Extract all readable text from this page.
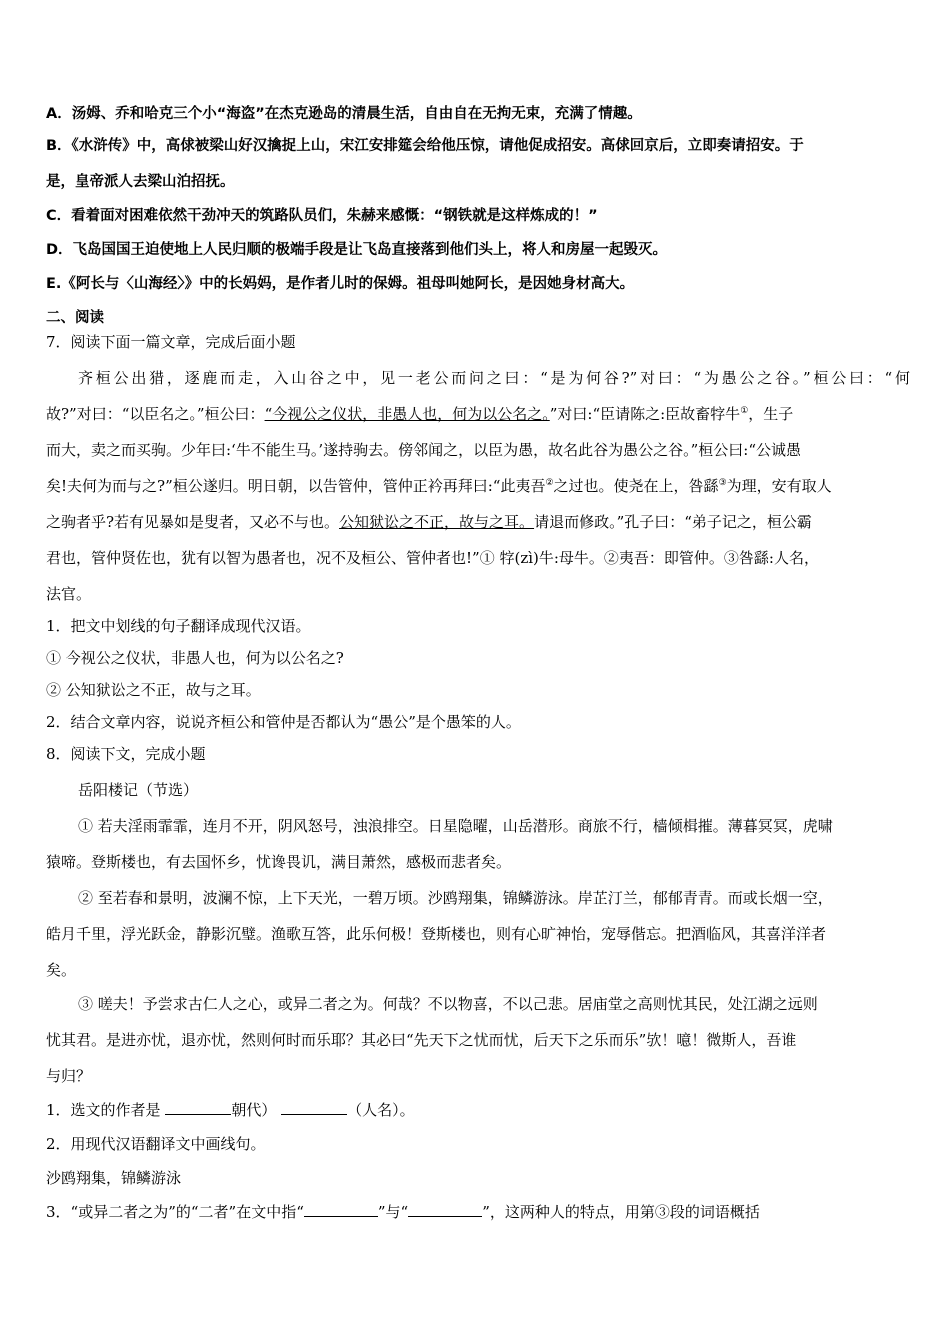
A．汤姆、乔和哈克三个小“海盗”在杰克逊岛的清晨生活，自由自在无拘无束，充满了情趣。
B．《水浒传》中，高俅被梁山好汉擒捉上山，宋江安排筵会给他压惊，请他促成招安。高俅回京后，立即奏请招安。于
是，皇帝派人去梁山泊招抚。
C．看着面对困难依然干劲冲天的筑路队员们，朱赫来感慨：“钢铁就是这样炼成的！”
D．飞岛国国王迫使地上人民归顺的极端手段是让飞岛直接落到他们头上，将人和房屋一起毁灭。
E.《阿长与〈山海经〉》中的长妈妈，是作者儿时的保姆。祖母叫她阿长，是因她身材高大。
二、阅读
7．阅读下面一篇文章，完成后面小题
齐桓公出猎，逐鹿而走，入山谷之中，见一老公而问之曰：“是为何谷?”对曰：“为愚公之谷。”桓公曰：“何
故?”对曰：“以臣名之。”桓公曰：“今视公之仪状，非愚人也，何为以公名之。”对曰:“臣请陈之:臣故畜牸牛①，生子
而大，卖之而买驹。少年曰:‘牛不能生马。’遂持驹去。傍邻闻之，以臣为愚，故名此谷为愚公之谷。”桓公曰:“公诚愚
矣!夫何为而与之?”桓公遂归。明日朝，以告管仲，管仲正衿再拜曰:“此夷吾②之过也。使尧在上，咎繇③为理，安有取人
之驹者乎?若有见暴如是叟者，又必不与也。公知狱讼之不正，故与之耳。请退而修政。”孔子曰：“弟子记之，桓公霸
君也，管仲贤佐也，犹有以智为愚者也，况不及桓公、管仲者也!”① 牸(zì)牛:母牛。②夷吾：即管仲。③咎繇:人名，
法官。
1．把文中划线的句子翻译成现代汉语。
① 今视公之仪状，非愚人也，何为以公名之?
② 公知狱讼之不正，故与之耳。
2．结合文章内容，说说齐桓公和管仲是否都认为“愚公”是个愚笨的人。
8．阅读下文，完成小题
岳阳楼记（节选）
① 若夫淫雨霏霏，连月不开，阴风怒号，浊浪排空。日星隐曜，山岳潜形。商旅不行，樯倾楫摧。薄暮冥冥，虎啸
猿啼。登斯楼也，有去国怀乡，忧谗畏讥，满目萧然，感极而悲者矣。
② 至若春和景明，波澜不惊，上下天光，一碧万顷。沙鸥翔集，锦鳞游泳。岸芷汀兰，郁郁青青。而或长烟一空，
皓月千里，浮光跃金，静影沉璧。渔歌互答，此乐何极！登斯楼也，则有心旷神怡，宠辱偕忘。把酒临风，其喜洋洋者
矣。
③ 嗟夫！予尝求古仁人之心，或异二者之为。何哉？不以物喜，不以己悲。居庙堂之高则忧其民，处江湖之远则
忧其君。是进亦忧，退亦忧，然则何时而乐耶？其必曰“先天下之忧而忧，后天下之乐而乐”欤！噫！微斯人，吾谁
与归？
1．选文的作者是	朝代）	（人名）。
2．用现代汉语翻译文中画线句。
沙鸥翔集，锦鳞游泳
3．“或异二者之为”的“二者”在文中指“	”与“	”，这两种人的特点，用第③段的词语概括
